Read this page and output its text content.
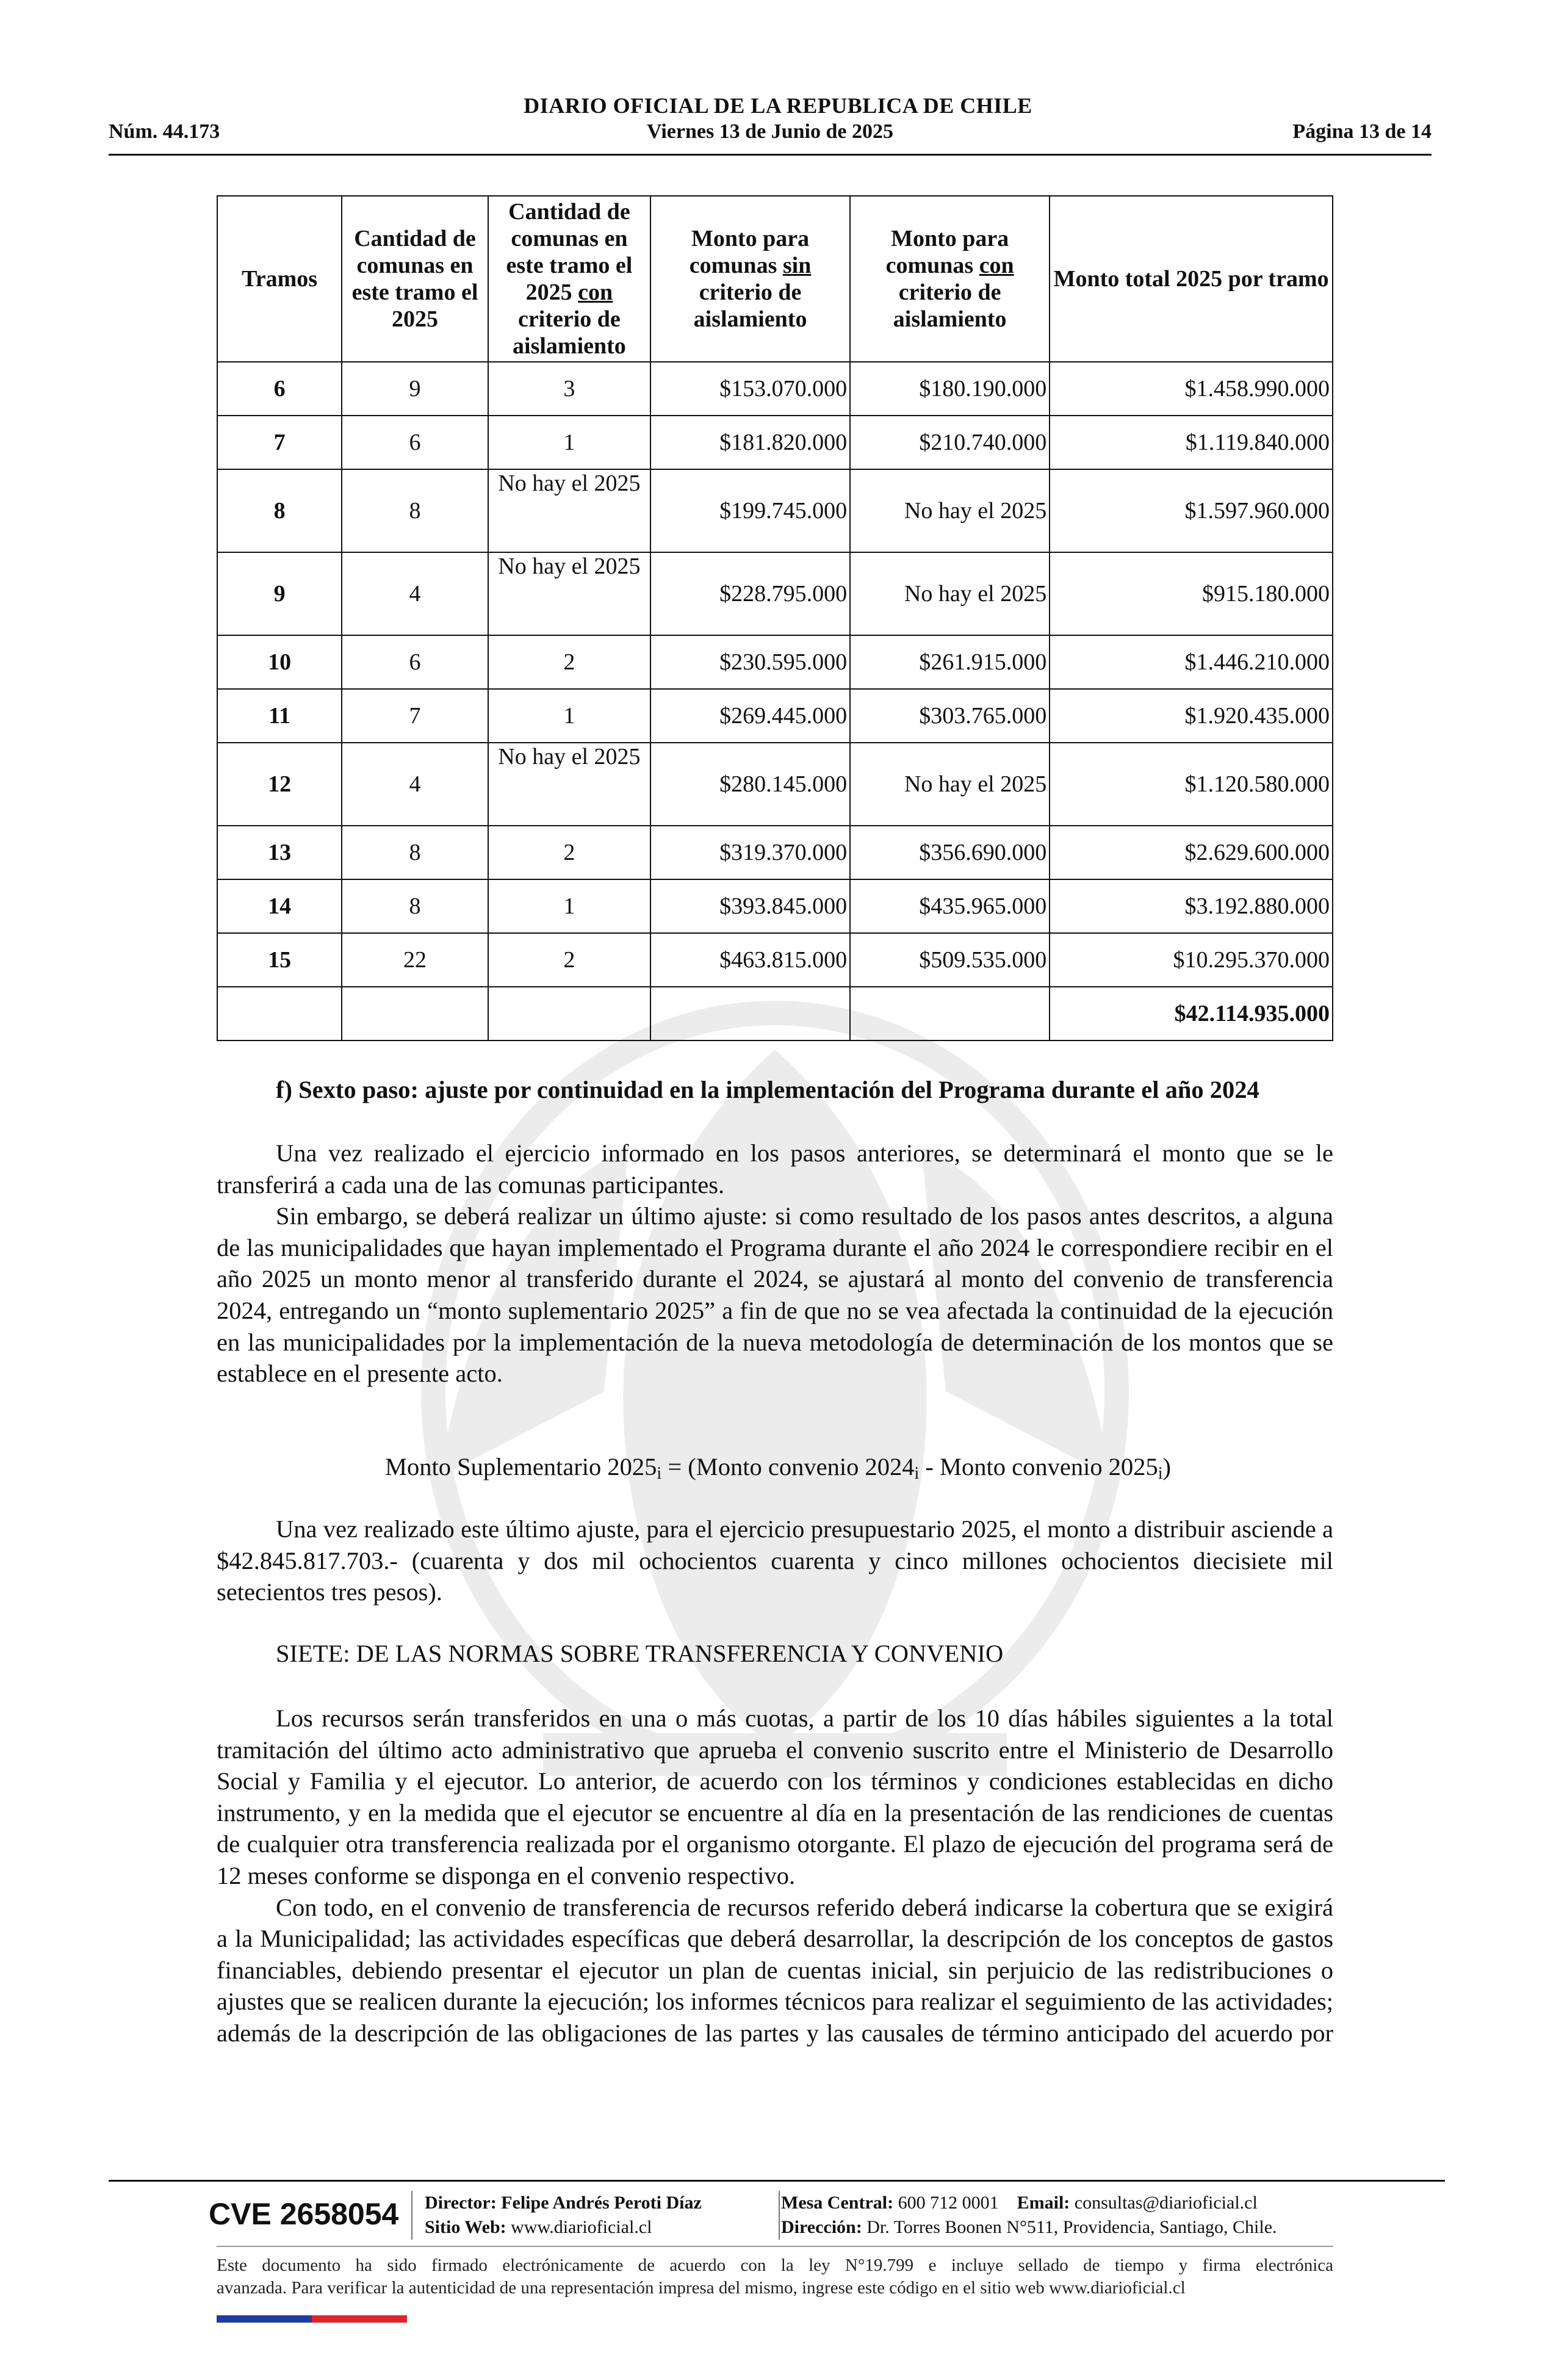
DIARIO OFICIAL DE LA REPUBLICA DE CHILE
Núm. 44.173	Viernes 13 de Junio de 2025	Página 13 de 14
Tramos	Cantidad de comunas en este tramo el 2025	Cantidad de comunas en este tramo el 2025 con criterio de aislamiento	Monto para comunas sin criterio de aislamiento	Monto para comunas con criterio de aislamiento	Monto total 2025 por tramo
6	9	3	$153.070.000	$180.190.000	$1.458.990.000
7	6	1	$181.820.000	$210.740.000	$1.119.840.000
8	8	No hay el 2025	$199.745.000	No hay el 2025	$1.597.960.000
9	4	No hay el 2025	$228.795.000	No hay el 2025	$915.180.000
10	6	2	$230.595.000	$261.915.000	$1.446.210.000
11	7	1	$269.445.000	$303.765.000	$1.920.435.000
12	4	No hay el 2025	$280.145.000	No hay el 2025	$1.120.580.000
13	8	2	$319.370.000	$356.690.000	$2.629.600.000
14	8	1	$393.845.000	$435.965.000	$3.192.880.000
15	22	2	$463.815.000	$509.535.000	$10.295.370.000
					$42.114.935.000

f) Sexto paso: ajuste por continuidad en la implementación del Programa durante el año 2024

Una vez realizado el ejercicio informado en los pasos anteriores, se determinará el monto que se le transferirá a cada una de las comunas participantes.

Sin embargo, se deberá realizar un último ajuste: si como resultado de los pasos antes descritos, a alguna de las municipalidades que hayan implementado el Programa durante el año 2024 le correspondiere recibir en el año 2025 un monto menor al transferido durante el 2024, se ajustará al monto del convenio de transferencia 2024, entregando un “monto suplementario 2025” a fin de que no se vea afectada la continuidad de la ejecución en las municipalidades por la implementación de la nueva metodología de determinación de los montos que se establece en el presente acto.

Monto Suplementario $2025_i$ = (Monto convenio $2024_i$ - Monto convenio $2025_i$)

Una vez realizado este último ajuste, para el ejercicio presupuestario 2025, el monto a distribuir asciende a $42.845.817.703.- (cuarenta y dos mil ochocientos cuarenta y cinco millones ochocientos diecisiete mil setecientos tres pesos).

SIETE: DE LAS NORMAS SOBRE TRANSFERENCIA Y CONVENIO

Los recursos serán transferidos en una o más cuotas, a partir de los 10 días hábiles siguientes a la total tramitación del último acto administrativo que aprueba el convenio suscrito entre el Ministerio de Desarrollo Social y Familia y el ejecutor. Lo anterior, de acuerdo con los términos y condiciones establecidas en dicho instrumento, y en la medida que el ejecutor se encuentre al día en la presentación de las rendiciones de cuentas de cualquier otra transferencia realizada por el organismo otorgante. El plazo de ejecución del programa será de 12 meses conforme se disponga en el convenio respectivo.

Con todo, en el convenio de transferencia de recursos referido deberá indicarse la cobertura que se exigirá a la Municipalidad; las actividades específicas que deberá desarrollar, la descripción de los conceptos de gastos financiables, debiendo presentar el ejecutor un plan de cuentas inicial, sin perjuicio de las redistribuciones o ajustes que se realicen durante la ejecución; los informes técnicos para realizar el seguimiento de las actividades; además de la descripción de las obligaciones de las partes y las causales de término anticipado del acuerdo por

CVE 2658054	Director: Felipe Andrés Peroti Díaz
Sitio Web: www.diarioficial.cl
Mesa Central: 600 712 0001 Email: consultas@diarioficial.cl
Dirección: Dr. Torres Boonen N°511, Providencia, Santiago, Chile.
Este documento ha sido firmado electrónicamente de acuerdo con la ley N°19.799 e incluye sellado de tiempo y firma electrónica
avanzada. Para verificar la autenticidad de una representación impresa del mismo, ingrese este código en el sitio web www.diarioficial.cl
